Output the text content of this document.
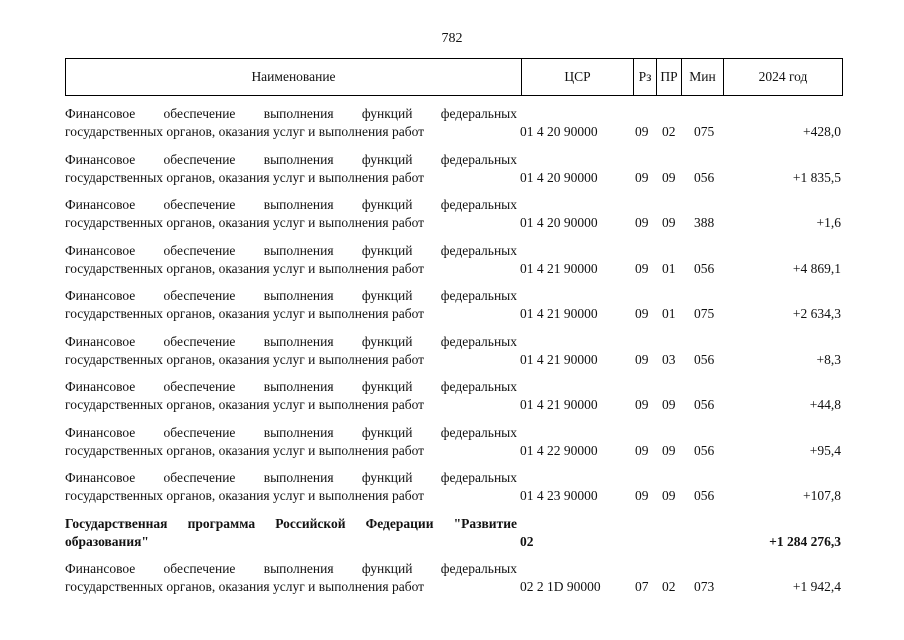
782
Наименование	ЦСР	Рз ПР Мин	2024 год
Финансовое обеспечение выполнения функций федеральных государственных органов, оказания услуг и выполнения работ	01 4 20 90000	09 02 075	+428,0
Финансовое обеспечение выполнения функций федеральных государственных органов, оказания услуг и выполнения работ	01 4 20 90000	09 09 056	+1 835,5
Финансовое обеспечение выполнения функций федеральных государственных органов, оказания услуг и выполнения работ	01 4 20 90000	09 09 388	+1,6
Финансовое обеспечение выполнения функций федеральных государственных органов, оказания услуг и выполнения работ	01 4 21 90000	09 01 056	+4 869,1
Финансовое обеспечение выполнения функций федеральных государственных органов, оказания услуг и выполнения работ	01 4 21 90000	09 01 075	+2 634,3
Финансовое обеспечение выполнения функций федеральных государственных органов, оказания услуг и выполнения работ	01 4 21 90000	09 03 056	+8,3
Финансовое обеспечение выполнения функций федеральных государственных органов, оказания услуг и выполнения работ	01 4 21 90000	09 09 056	+44,8
Финансовое обеспечение выполнения функций федеральных государственных органов, оказания услуг и выполнения работ	01 4 22 90000	09 09 056	+95,4
Финансовое обеспечение выполнения функций федеральных государственных органов, оказания услуг и выполнения работ	01 4 23 90000	09 09 056	+107,8
Государственная программа Российской Федерации "Развитие образования"	02	+1 284 276,3
Финансовое обеспечение выполнения функций федеральных государственных органов, оказания услуг и выполнения работ	02 2 1D 90000	07 02 073	+1 942,4
